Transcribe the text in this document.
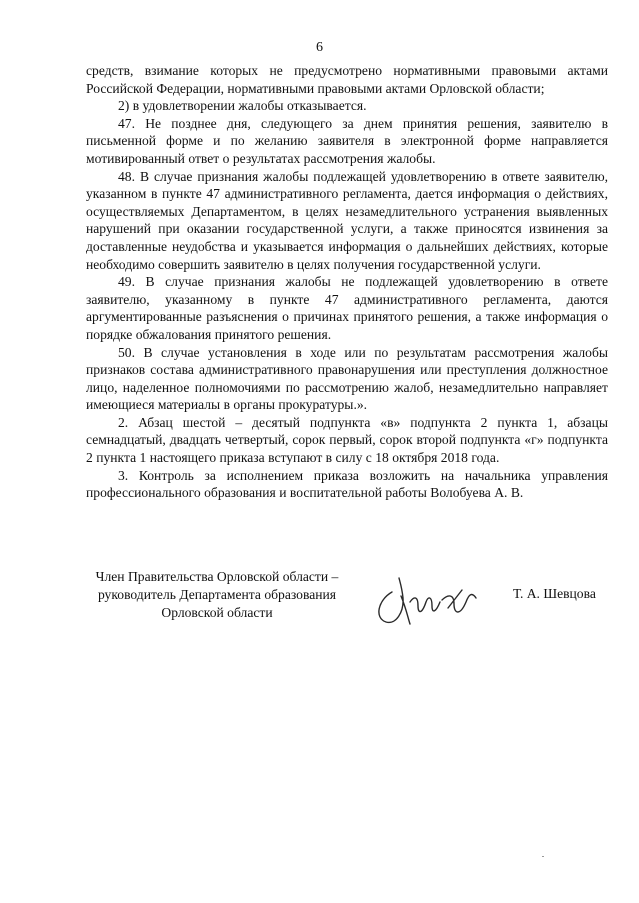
6

средств, взимание которых не предусмотрено нормативными правовыми актами Российской Федерации, нормативными правовыми актами Орловской области;

2) в удовлетворении жалобы отказывается.

47. Не позднее дня, следующего за днем принятия решения, заявителю в письменной форме и по желанию заявителя в электронной форме направляется мотивированный ответ о результатах рассмотрения жалобы.

48. В случае признания жалобы подлежащей удовлетворению в ответе заявителю, указанном в пункте 47 административного регламента, дается информация о действиях, осуществляемых Департаментом, в целях незамедлительного устранения выявленных нарушений при оказании государственной услуги, а также приносятся извинения за доставленные неудобства и указывается информация о дальнейших действиях, которые необходимо совершить заявителю в целях получения государственной услуги.

49. В случае признания жалобы не подлежащей удовлетворению в ответе заявителю, указанному в пункте 47 административного регламента, даются аргументированные разъяснения о причинах принятого решения, а также информация о порядке обжалования принятого решения.

50. В случае установления в ходе или по результатам рассмотрения жалобы признаков состава административного правонарушения или преступления должностное лицо, наделенное полномочиями по рассмотрению жалоб, незамедлительно направляет имеющиеся материалы в органы прокуратуры.».

2. Абзац шестой – десятый подпункта «в» подпункта 2 пункта 1, абзацы семнадцатый, двадцать четвертый, сорок первый, сорок второй подпункта «г» подпункта 2 пункта 1 настоящего приказа вступают в силу с 18 октября 2018 года.

3. Контроль за исполнением приказа возложить на начальника управления профессионального образования и воспитательной работы Волобуева А. В.

Член Правительства Орловской области –
руководитель Департамента образования
Орловской области
Т. А. Шевцова
